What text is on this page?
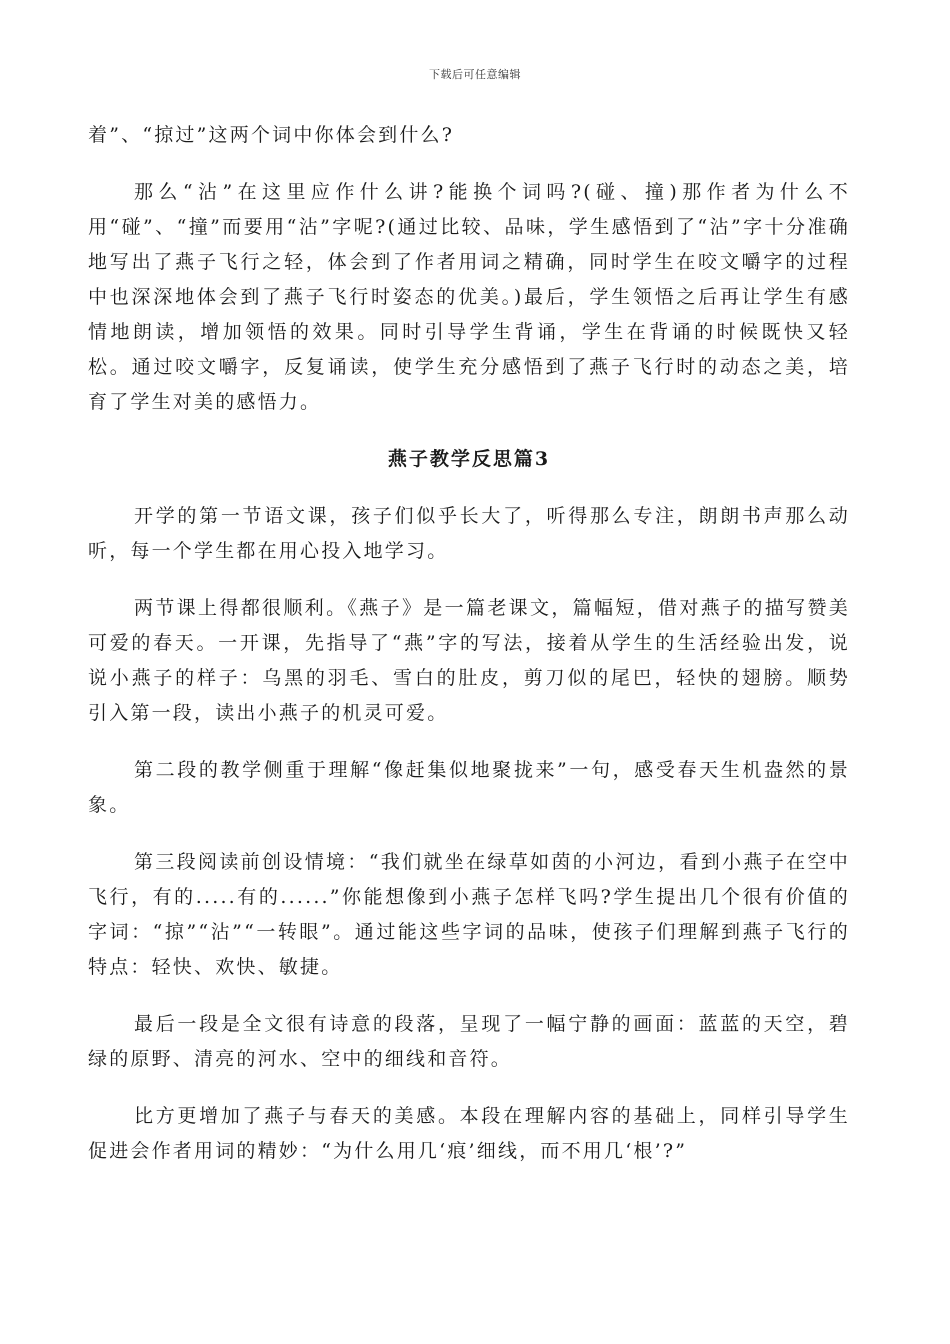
下载后可任意编辑

着”、“掠过”这两个词中你体会到什么?

那么“沾”在这里应作什么讲?能换个词吗?(碰、撞)那作者为什么不用“碰”、“撞”而要用“沾”字呢?(通过比较、品味，学生感悟到了“沾”字十分准确地写出了燕子飞行之轻，体会到了作者用词之精确，同时学生在咬文嚼字的过程中也深深地体会到了燕子飞行时姿态的优美。)最后，学生领悟之后再让学生有感情地朗读，增加领悟的效果。同时引导学生背诵，学生在背诵的时候既快又轻松。通过咬文嚼字，反复诵读，使学生充分感悟到了燕子飞行时的动态之美，培育了学生对美的感悟力。

燕子教学反思篇3

开学的第一节语文课，孩子们似乎长大了，听得那么专注，朗朗书声那么动听，每一个学生都在用心投入地学习。

两节课上得都很顺利。《燕子》是一篇老课文，篇幅短，借对燕子的描写赞美可爱的春天。一开课，先指导了“燕”字的写法，接着从学生的生活经验出发，说说小燕子的样子：乌黑的羽毛、雪白的肚皮，剪刀似的尾巴，轻快的翅膀。顺势引入第一段，读出小燕子的机灵可爱。

第二段的教学侧重于理解“像赶集似地聚拢来”一句，感受春天生机盎然的景象。

第三段阅读前创设情境：“我们就坐在绿草如茵的小河边，看到小燕子在空中飞行，有的.....有的......”你能想像到小燕子怎样飞吗?学生提出几个很有价值的字词：“掠”“沾”“一转眼”。通过能这些字词的品味，使孩子们理解到燕子飞行的特点：轻快、欢快、敏捷。

最后一段是全文很有诗意的段落，呈现了一幅宁静的画面：蓝蓝的天空，碧绿的原野、清亮的河水、空中的细线和音符。

比方更增加了燕子与春天的美感。本段在理解内容的基础上，同样引导学生促进会作者用词的精妙：“为什么用几‘痕’细线，而不用几‘根’?”
